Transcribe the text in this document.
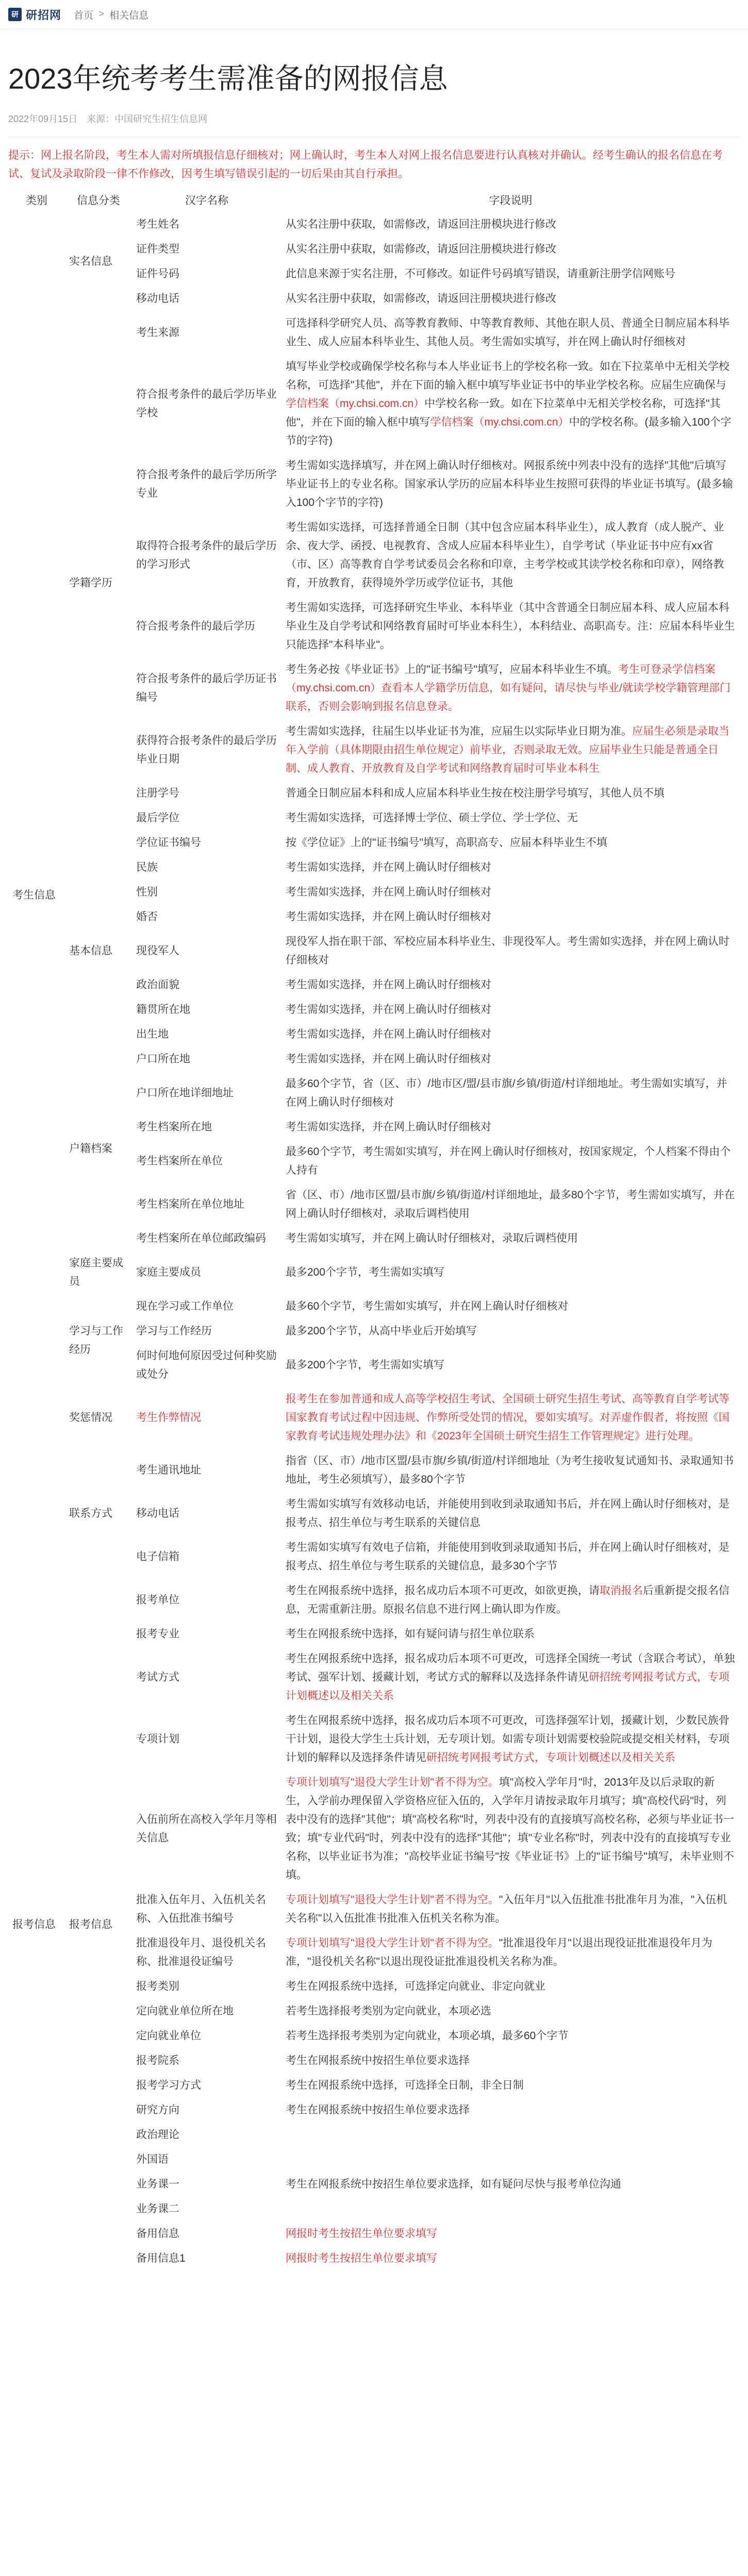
研 研招网 首页 > 相关信息
2023年统考考生需准备的网报信息
2022年09月15日 来源：中国研究生招生信息网

提示：网上报名阶段，考生本人需对所填报信息仔细核对；网上确认时，考生本人对网上报名信息要进行认真核对并确认。经考生确认的报名信息在考试、复试及录取阶段一律不作修改，因考生填写错误引起的一切后果由其自行承担。

类别	信息分类	汉字名称	字段说明
考生信息	实名信息	考生姓名	从实名注册中获取，如需修改，请返回注册模块进行修改
		证件类型	从实名注册中获取，如需修改，请返回注册模块进行修改
		证件号码	此信息来源于实名注册，不可修改。如证件号码填写错误，请重新注册学信网账号
		移动电话	从实名注册中获取，如需修改，请返回注册模块进行修改
	学籍学历	考生来源	可选择科学研究人员、高等教育教师、中等教育教师、其他在职人员、普通全日制应届本科毕业生、成人应届本科毕业生、其他人员。考生需如实填写，并在网上确认时仔细核对
		符合报考条件的最后学历毕业学校	填写毕业学校或确保学校名称与本人毕业证书上的学校名称一致。如在下拉菜单中无相关学校名称，可选择"其他"，并在下面的输入框中填写毕业证书中的毕业学校名称。应届生应确保与学信档案（my.chsi.com.cn）中学校名称一致。如在下拉菜单中无相关学校名称，可选择"其他"，并在下面的输入框中填写学信档案（my.chsi.com.cn）中的学校名称。(最多输入100个字节的字符)
		符合报考条件的最后学历所学专业	考生需如实选择填写，并在网上确认时仔细核对。网报系统中列表中没有的选择"其他"后填写毕业证书上的专业名称。国家承认学历的应届本科毕业生按照可获得的毕业证书填写。(最多输入100个字节的字符)
		取得符合报考条件的最后学历的学习形式	考生需如实选择，可选择普通全日制（其中包含应届本科毕业生），成人教育（成人脱产、业余、夜大学、函授、电视教育、含成人应届本科毕业生），自学考试（毕业证书中应有xx省（市、区）高等教育自学考试委员会名称和印章，主考学校或其读学校名称和印章），网络教育，开放教育，获得境外学历或学位证书，其他
		符合报考条件的最后学历	考生需如实选择，可选择研究生毕业、本科毕业（其中含普通全日制应届本科、成人应届本科毕业生及自学考试和网络教育届时可毕业本科生），本科结业、高职高专。注：应届本科毕业生只能选择"本科毕业"。
		符合报考条件的最后学历证书编号	考生务必按《毕业证书》上的"证书编号"填写，应届本科毕业生不填。考生可登录学信档案（my.chsi.com.cn）查看本人学籍学历信息，如有疑问，请尽快与毕业/就读学校学籍管理部门联系，否则会影响到报名信息登录。
		获得符合报考条件的最后学历毕业日期	考生需如实选择，往届生以毕业证书为准，应届生以实际毕业日期为准。应届生必须是录取当年入学前（具体期限由招生单位规定）前毕业，否则录取无效。应届毕业生只能是普通全日制、成人教育、开放教育及自学考试和网络教育届时可毕业本科生
		注册学号	普通全日制应届本科和成人应届本科毕业生按在校注册学号填写，其他人员不填
		最后学位	考生需如实选择，可选择博士学位、硕士学位、学士学位、无
		学位证书编号	按《学位证》上的"证书编号"填写，高职高专、应届本科毕业生不填
	基本信息	民族	考生需如实选择，并在网上确认时仔细核对
		性别	考生需如实选择，并在网上确认时仔细核对
		婚否	考生需如实选择，并在网上确认时仔细核对
		现役军人	现役军人指在职干部、军校应届本科毕业生、非现役军人。考生需如实选择，并在网上确认时仔细核对
		政治面貌	考生需如实选择，并在网上确认时仔细核对
		籍贯所在地	考生需如实选择，并在网上确认时仔细核对
		出生地	考生需如实选择，并在网上确认时仔细核对
	户籍档案	户口所在地	考生需如实选择，并在网上确认时仔细核对
		户口所在地详细地址	最多60个字节，省（区、市）/地市区/盟/县市旗/乡镇/街道/村详细地址。考生需如实填写，并在网上确认时仔细核对
		考生档案所在地	考生需如实选择，并在网上确认时仔细核对
		考生档案所在单位	最多60个字节，考生需如实填写，并在网上确认时仔细核对，按国家规定，个人档案不得由个人持有
		考生档案所在单位地址	省（区、市）/地市区盟/县市旗/乡镇/街道/村详细地址，最多80个字节，考生需如实填写，并在网上确认时仔细核对，录取后调档使用
		考生档案所在单位邮政编码	考生需如实填写，并在网上确认时仔细核对，录取后调档使用
	家庭主要成员	家庭主要成员	最多200个字节，考生需如实填写
	学习与工作经历	现在学习或工作单位	最多60个字节，考生需如实填写，并在网上确认时仔细核对
		学习与工作经历	最多200个字节，从高中毕业后开始填写
		何时何地何原因受过何种奖励或处分	最多200个字节，考生需如实填写
	奖惩情况	考生作弊情况	报考生在参加普通和成人高等学校招生考试、全国硕士研究生招生考试、高等教育自学考试等国家教育考试过程中因违规、作弊所受处罚的情况，要如实填写。对弄虚作假者，将按照《国家教育考试违规处理办法》和《2023年全国硕士研究生招生工作管理规定》进行处理。
	联系方式	考生通讯地址	指省（区、市）/地市区盟/县市旗/乡镇/街道/村详细地址（为考生接收复试通知书、录取通知书地址，考生必须填写），最多80个字节
		移动电话	考生需如实填写有效移动电话，并能使用到收到录取通知书后，并在网上确认时仔细核对，是报考点、招生单位与考生联系的关键信息
		电子信箱	考生需如实填写有效电子信箱，并能使用到收到录取通知书后，并在网上确认时仔细核对，是报考点、招生单位与考生联系的关键信息，最多30个字节
报考信息	报考信息	报考单位	考生在网报系统中选择，报名成功后本项不可更改，如欲更换，请取消报名后重新提交报名信息，无需重新注册。原报名信息不进行网上确认即为作废。
		报考专业	考生在网报系统中选择，如有疑问请与招生单位联系
		考试方式	考生在网报系统中选择，报名成功后本项不可更改，可选择全国统一考试（含联合考试），单独考试、强军计划、援藏计划，考试方式的解释以及选择条件请见研招统考网报考试方式，专项计划概述以及相关关系
		专项计划	考生在网报系统中选择，报名成功后本项不可更改，可选择强军计划，援藏计划，少数民族骨干计划，退役大学生士兵计划，无专项计划。如需专项计划需要校验院或提交相关材料，专项计划的解释以及选择条件请见研招统考网报考试方式，专项计划概述以及相关关系
		入伍前所在高校入学年月等相关信息	专项计划填写"退役大学生计划"者不得为空。填"高校入学年月"时，2013年及以后录取的新生，入学前办理保留入学资格应征入伍的，入学年月请按录取年月填写；填"高校代码"时，列表中没有的选择"其他"；填"高校名称"时，列表中没有的直接填写高校名称，必须与毕业证书一致；填"专业代码"时，列表中没有的选择"其他"；填"专业名称"时，列表中没有的直接填写专业名称，以毕业证书为准；"高校毕业证书编号"按《毕业证书》上的"证书编号"填写，未毕业则不填。
		批准入伍年月、入伍机关名称、入伍批准书编号	专项计划填写"退役大学生计划"者不得为空。"入伍年月"以入伍批准书批准年月为准，"入伍机关名称"以入伍批准书批准入伍机关名称为准。
		批准退役年月、退役机关名称、批准退役证编号	专项计划填写"退役大学生计划"者不得为空。"批准退役年月"以退出现役证批准退役年月为准，"退役机关名称"以退出现役证批准退役机关名称为准。
		报考类别	考生在网报系统中选择，可选择定向就业、非定向就业
		定向就业单位所在地	若考生选择报考类别为定向就业，本项必选
		定向就业单位	若考生选择报考类别为定向就业，本项必填，最多60个字节
		报考院系	考生在网报系统中按招生单位要求选择
		报考学习方式	考生在网报系统中选择，可选择全日制，非全日制
		研究方向	考生在网报系统中按招生单位要求选择
		政治理论	
		外国语	
		业务课一	考生在网报系统中按招生单位要求选择，如有疑问尽快与报考单位沟通
		业务课二	
		备用信息	网报时考生按招生单位要求填写
		备用信息1	网报时考生按招生单位要求填写
